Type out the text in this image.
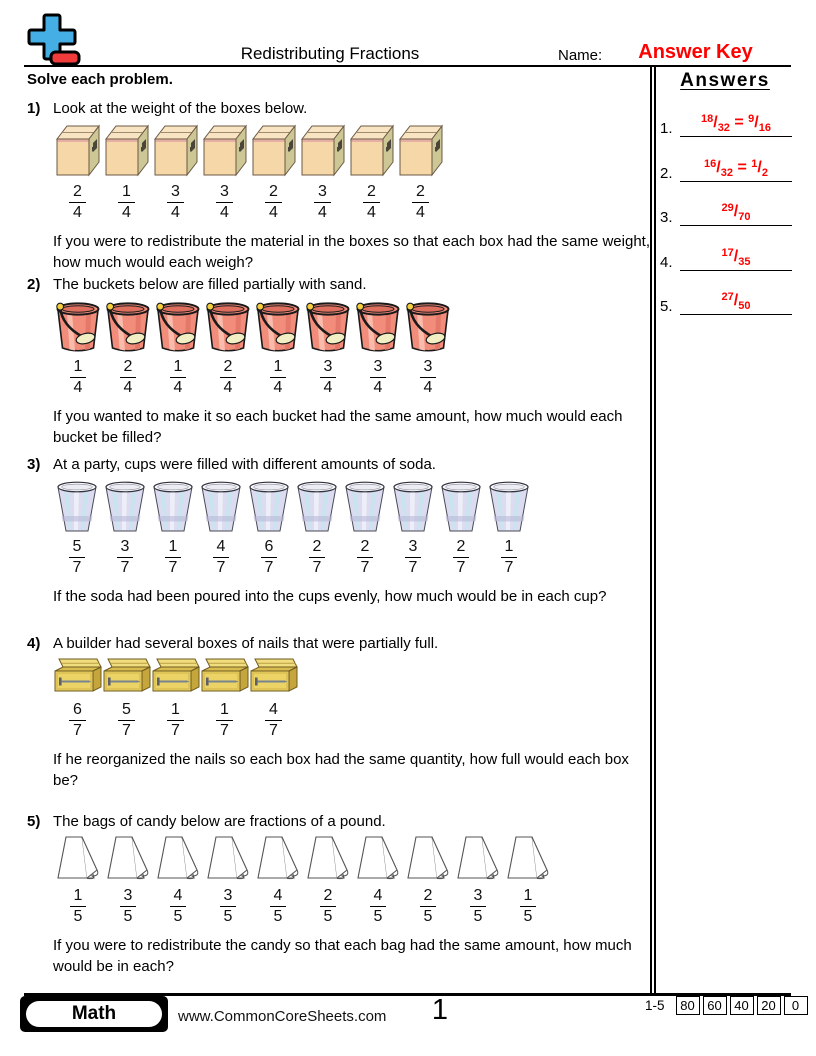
Redistributing Fractions	Name:	Answer Key
Solve each problem.
1) Look at the weight of the boxes below.
$\frac{2}{4} \frac{1}{4} \frac{3}{4} \frac{3}{4} \frac{2}{4} \frac{3}{4} \frac{2}{4} \frac{2}{4}$
If you were to redistribute the material in the boxes so that each box had the same weight, how much would each weigh?
2) The buckets below are filled partially with sand.
$\frac{1}{4} \frac{2}{4} \frac{1}{4} \frac{2}{4} \frac{1}{4} \frac{3}{4} \frac{3}{4} \frac{3}{4}$
If you wanted to make it so each bucket had the same amount, how much would each bucket be filled?
3) At a party, cups were filled with different amounts of soda.
$\frac{5}{7} \frac{3}{7} \frac{1}{7} \frac{4}{7} \frac{6}{7} \frac{2}{7} \frac{2}{7} \frac{3}{7} \frac{2}{7} \frac{1}{7}$
If the soda had been poured into the cups evenly, how much would be in each cup?
4) A builder had several boxes of nails that were partially full.
$\frac{6}{7} \frac{5}{7} \frac{1}{7} \frac{1}{7} \frac{4}{7}$
If he reorganized the nails so each box had the same quantity, how full would each box be?
5) The bags of candy below are fractions of a pound.
$\frac{1}{5} \frac{3}{5} \frac{4}{5} \frac{3}{5} \frac{4}{5} \frac{2}{5} \frac{4}{5} \frac{2}{5} \frac{3}{5} \frac{1}{5}$
If you were to redistribute the candy so that each bag had the same amount, how much would be in each?
Answers
1.
$^{18}/_{32} = ^9/_{16}$
2.
$^{16}/_{32} = ^1/_2$
3.
$^{29}/_{70}$
4.
$^{17}/_{35}$
5.
$^{27}/_{50}$
Math	www.CommonCoreSheets.com	1	1-5	80 60 40 20	0
